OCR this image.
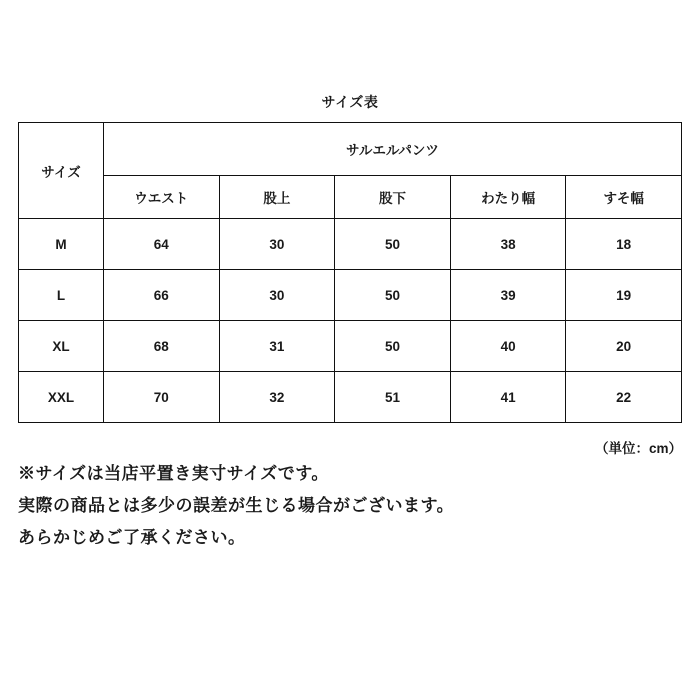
サイズ表
サイズ	サルエルパンツ				
	ウエスト	股上	股下	わたり幅	すそ幅
M	64	30	50	38	18
L	66	30	50	39	19
XL	68	31	50	40	20
XXL	70	32	51	41	22
（単位：cm）
※サイズは当店平置き実寸サイズです。
実際の商品とは多少の誤差が生じる場合がございます。
あらかじめご了承ください。
